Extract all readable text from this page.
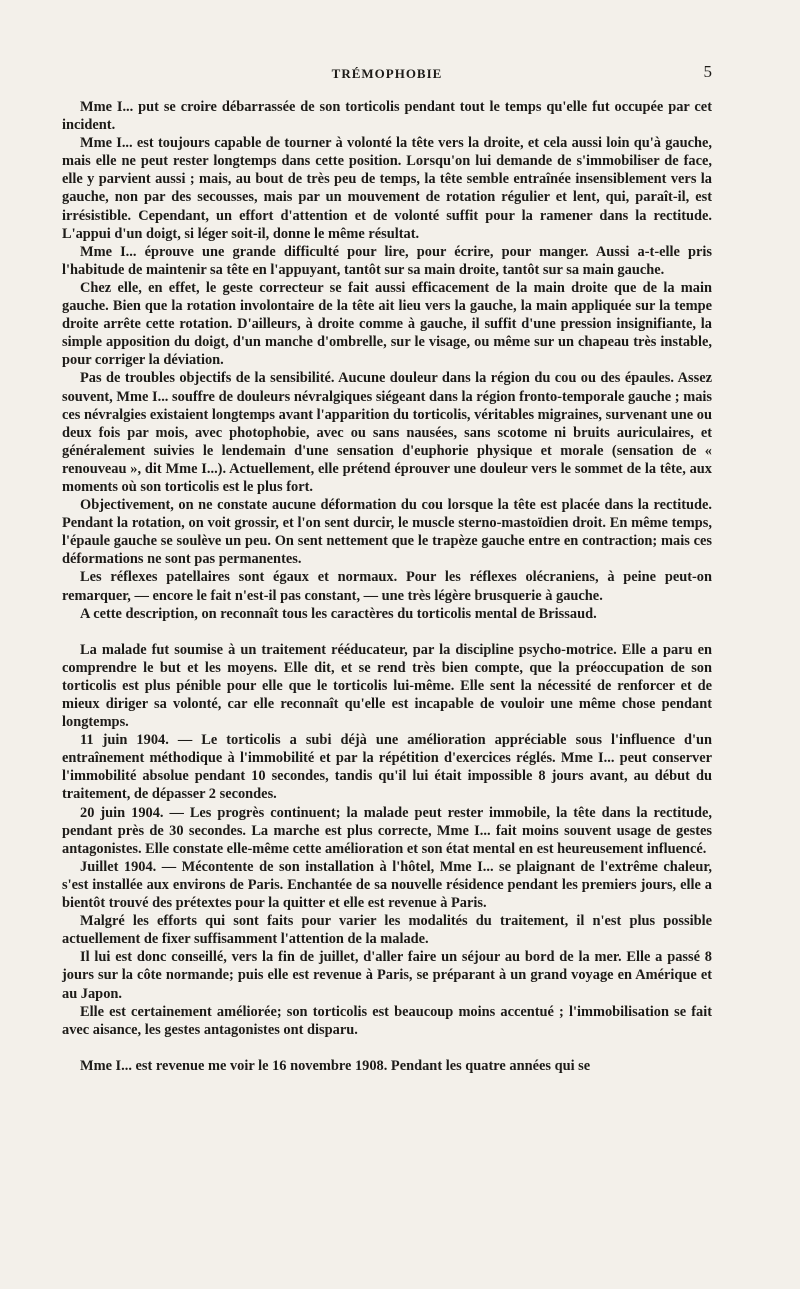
TRÉMOPHOBIE	5

Mme I... put se croire débarrassée de son torticolis pendant tout le temps qu'elle fut occupée par cet incident.

Mme I... est toujours capable de tourner à volonté la tête vers la droite, et cela aussi loin qu'à gauche, mais elle ne peut rester longtemps dans cette position. Lorsqu'on lui demande de s'immobiliser de face, elle y parvient aussi ; mais, au bout de très peu de temps, la tête semble entraînée insensiblement vers la gauche, non par des secousses, mais par un mouvement de rotation régulier et lent, qui, paraît-il, est irrésistible. Cependant, un effort d'attention et de volonté suffit pour la ramener dans la rectitude. L'appui d'un doigt, si léger soit-il, donne le même résultat.

Mme I... éprouve une grande difficulté pour lire, pour écrire, pour manger. Aussi a-t-elle pris l'habitude de maintenir sa tête en l'appuyant, tantôt sur sa main droite, tantôt sur sa main gauche.

Chez elle, en effet, le geste correcteur se fait aussi efficacement de la main droite que de la main gauche. Bien que la rotation involontaire de la tête ait lieu vers la gauche, la main appliquée sur la tempe droite arrête cette rotation. D'ailleurs, à droite comme à gauche, il suffit d'une pression insignifiante, la simple apposition du doigt, d'un manche d'ombrelle, sur le visage, ou même sur un chapeau très instable, pour corriger la déviation.

Pas de troubles objectifs de la sensibilité. Aucune douleur dans la région du cou ou des épaules. Assez souvent, Mme I... souffre de douleurs névralgiques siégeant dans la région fronto-temporale gauche ; mais ces névralgies existaient longtemps avant l'apparition du torticolis, véritables migraines, survenant une ou deux fois par mois, avec photophobie, avec ou sans nausées, sans scotome ni bruits auriculaires, et généralement suivies le lendemain d'une sensation d'euphorie physique et morale (sensation de « renouveau », dit Mme I...). Actuellement, elle prétend éprouver une douleur vers le sommet de la tête, aux moments où son torticolis est le plus fort.

Objectivement, on ne constate aucune déformation du cou lorsque la tête est placée dans la rectitude. Pendant la rotation, on voit grossir, et l'on sent durcir, le muscle sterno-mastoïdien droit. En même temps, l'épaule gauche se soulève un peu. On sent nettement que le trapèze gauche entre en contraction; mais ces déformations ne sont pas permanentes.

Les réflexes patellaires sont égaux et normaux. Pour les réflexes olécraniens, à peine peut-on remarquer, — encore le fait n'est-il pas constant, — une très légère brusquerie à gauche.

A cette description, on reconnaît tous les caractères du torticolis mental de Brissaud.

La malade fut soumise à un traitement rééducateur, par la discipline psycho-motrice. Elle a paru en comprendre le but et les moyens. Elle dit, et se rend très bien compte, que la préoccupation de son torticolis est plus pénible pour elle que le torticolis lui-même. Elle sent la nécessité de renforcer et de mieux diriger sa volonté, car elle reconnaît qu'elle est incapable de vouloir une même chose pendant longtemps.

11 juin 1904. — Le torticolis a subi déjà une amélioration appréciable sous l'influence d'un entraînement méthodique à l'immobilité et par la répétition d'exercices réglés. Mme I... peut conserver l'immobilité absolue pendant 10 secondes, tandis qu'il lui était impossible 8 jours avant, au début du traitement, de dépasser 2 secondes.

20 juin 1904. — Les progrès continuent; la malade peut rester immobile, la tête dans la rectitude, pendant près de 30 secondes. La marche est plus correcte, Mme I... fait moins souvent usage de gestes antagonistes. Elle constate elle-même cette amélioration et son état mental en est heureusement influencé.

Juillet 1904. — Mécontente de son installation à l'hôtel, Mme I... se plaignant de l'extrême chaleur, s'est installée aux environs de Paris. Enchantée de sa nouvelle résidence pendant les premiers jours, elle a bientôt trouvé des prétextes pour la quitter et elle est revenue à Paris.

Malgré les efforts qui sont faits pour varier les modalités du traitement, il n'est plus possible actuellement de fixer suffisamment l'attention de la malade.

Il lui est donc conseillé, vers la fin de juillet, d'aller faire un séjour au bord de la mer. Elle a passé 8 jours sur la côte normande; puis elle est revenue à Paris, se préparant à un grand voyage en Amérique et au Japon.

Elle est certainement améliorée; son torticolis est beaucoup moins accentué ; l'immobilisation se fait avec aisance, les gestes antagonistes ont disparu.

Mme I... est revenue me voir le 16 novembre 1908. Pendant les quatre années qui se
